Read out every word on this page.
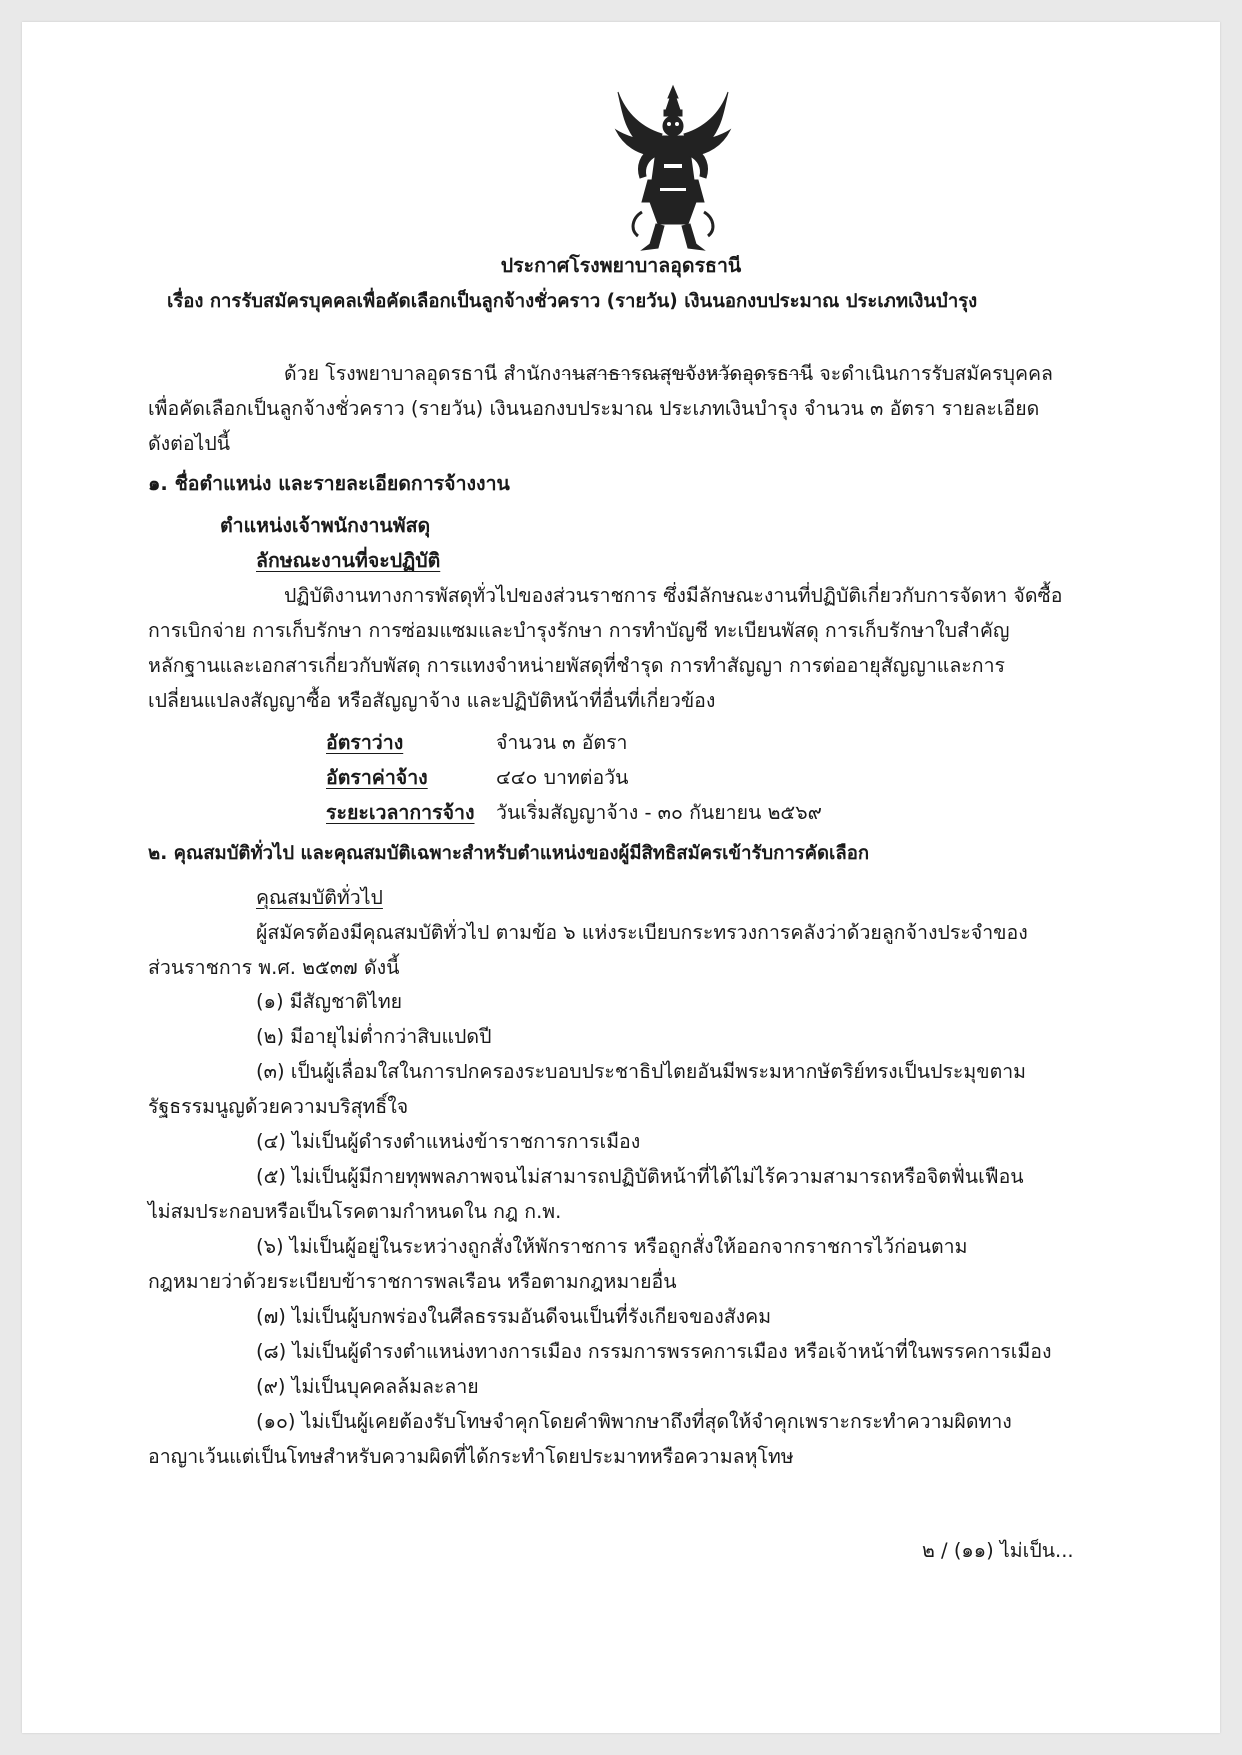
ประกาศโรงพยาบาลอุดรธานี
เรื่อง การรับสมัครบุคคลเพื่อคัดเลือกเป็นลูกจ้างชั่วคราว (รายวัน) เงินนอกงบประมาณ ประเภทเงินบำรุง
ด้วย โรงพยาบาลอุดรธานี สำนักงานสาธารณสุขจังหวัดอุดรธานี จะดำเนินการรับสมัครบุคคล
เพื่อคัดเลือกเป็นลูกจ้างชั่วคราว (รายวัน) เงินนอกงบประมาณ ประเภทเงินบำรุง จำนวน ๓ อัตรา รายละเอียด
ดังต่อไปนี้
๑. ชื่อตำแหน่ง และรายละเอียดการจ้างงาน
ตำแหน่งเจ้าพนักงานพัสดุ
ลักษณะงานที่จะปฏิบัติ
ปฏิบัติงานทางการพัสดุทั่วไปของส่วนราชการ ซึ่งมีลักษณะงานที่ปฏิบัติเกี่ยวกับการจัดหา จัดซื้อ
การเบิกจ่าย การเก็บรักษา การซ่อมแซมและบำรุงรักษา การทำบัญชี ทะเบียนพัสดุ การเก็บรักษาใบสำคัญ
หลักฐานและเอกสารเกี่ยวกับพัสดุ การแทงจำหน่ายพัสดุที่ชำรุด การทำสัญญา การต่ออายุสัญญาและการ
เปลี่ยนแปลงสัญญาซื้อ หรือสัญญาจ้าง และปฏิบัติหน้าที่อื่นที่เกี่ยวข้อง
อัตราว่าง	จำนวน ๓ อัตรา
อัตราค่าจ้าง	๔๔๐ บาทต่อวัน
ระยะเวลาการจ้าง วันเริ่มสัญญาจ้าง - ๓๐ กันยายน ๒๕๖๙
๒. คุณสมบัติทั่วไป และคุณสมบัติเฉพาะสำหรับตำแหน่งของผู้มีสิทธิสมัครเข้ารับการคัดเลือก
คุณสมบัติทั่วไป
ผู้สมัครต้องมีคุณสมบัติทั่วไป ตามข้อ ๖ แห่งระเบียบกระทรวงการคลังว่าด้วยลูกจ้างประจำของ
ส่วนราชการ พ.ศ. ๒๕๓๗ ดังนี้
(๑) มีสัญชาติไทย
(๒) มีอายุไม่ต่ำกว่าสิบแปดปี
(๓) เป็นผู้เลื่อมใสในการปกครองระบอบประชาธิปไตยอันมีพระมหากษัตริย์ทรงเป็นประมุขตาม
รัฐธรรมนูญด้วยความบริสุทธิ์ใจ
(๔) ไม่เป็นผู้ดำรงตำแหน่งข้าราชการการเมือง
(๕) ไม่เป็นผู้มีกายทุพพลภาพจนไม่สามารถปฏิบัติหน้าที่ได้ไม่ไร้ความสามารถหรือจิตฟั่นเฟือน
ไม่สมประกอบหรือเป็นโรคตามกำหนดใน กฎ ก.พ.
(๖) ไม่เป็นผู้อยู่ในระหว่างถูกสั่งให้พักราชการ หรือถูกสั่งให้ออกจากราชการไว้ก่อนตาม
กฎหมายว่าด้วยระเบียบข้าราชการพลเรือน หรือตามกฎหมายอื่น
(๗) ไม่เป็นผู้บกพร่องในศีลธรรมอันดีจนเป็นที่รังเกียจของสังคม
(๘) ไม่เป็นผู้ดำรงตำแหน่งทางการเมือง กรรมการพรรคการเมือง หรือเจ้าหน้าที่ในพรรคการเมือง
(๙) ไม่เป็นบุคคลล้มละลาย
(๑๐) ไม่เป็นผู้เคยต้องรับโทษจำคุกโดยคำพิพากษาถึงที่สุดให้จำคุกเพราะกระทำความผิดทาง
อาญาเว้นแต่เป็นโทษสำหรับความผิดที่ได้กระทำโดยประมาทหรือความลหุโทษ
๒ / (๑๑) ไม่เป็น...
